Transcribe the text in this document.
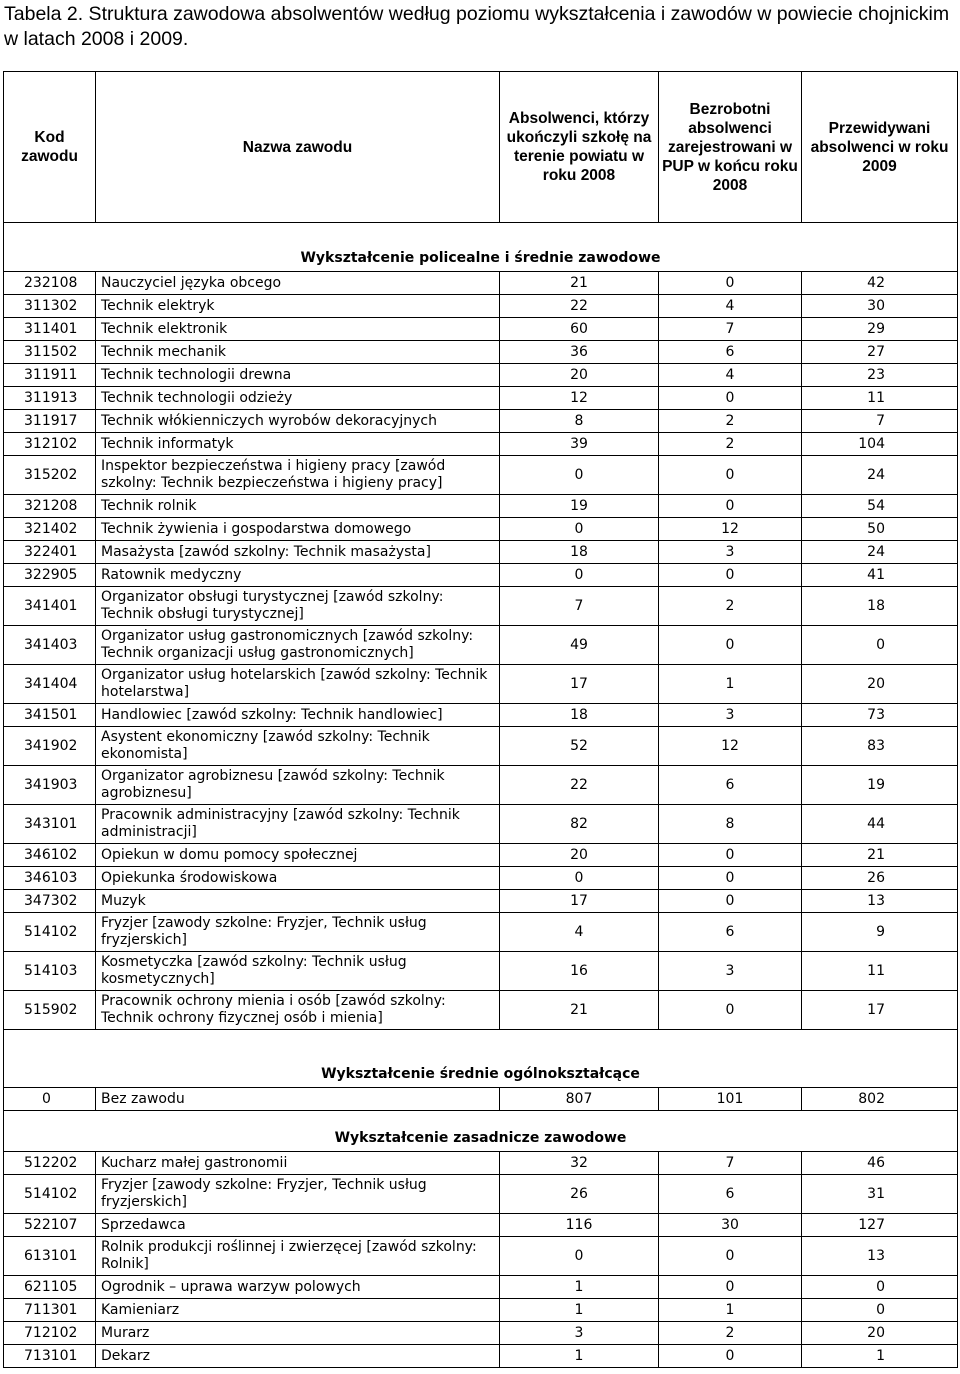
Tabela 2. Struktura zawodowa absolwentów według poziomu wykształcenia i zawodów w powiecie chojnickim w latach 2008 i 2009.
Kod zawodu	Nazwa zawodu	Absolwenci, którzy ukończyli szkołę na terenie powiatu w roku 2008	Bezrobotni absolwenci zarejestrowani w PUP w końcu roku 2008	Przewidywani absolwenci w roku 2009
Wykształcenie policealne i średnie zawodowe				
232108	Nauczyciel języka obcego	21	0	42
311302	Technik elektryk	22	4	30
311401	Technik elektronik	60	7	29
311502	Technik mechanik	36	6	27
311911	Technik technologii drewna	20	4	23
311913	Technik technologii odzieży	12	0	11
311917	Technik włókienniczych wyrobów dekoracyjnych	8	2	7
312102	Technik informatyk	39	2	104
315202	Inspektor bezpieczeństwa i higieny pracy [zawód szkolny: Technik bezpieczeństwa i higieny pracy]	0	0	24
321208	Technik rolnik	19	0	54
321402	Technik żywienia i gospodarstwa domowego	0	12	50
322401	Masażysta [zawód szkolny: Technik masażysta]	18	3	24
322905	Ratownik medyczny	0	0	41
341401	Organizator obsługi turystycznej [zawód szkolny: Technik obsługi turystycznej]	7	2	18
341403	Organizator usług gastronomicznych [zawód szkolny: Technik organizacji usług gastronomicznych]	49	0	0
341404	Organizator usług hotelarskich [zawód szkolny: Technik hotelarstwa]	17	1	20
341501	Handlowiec [zawód szkolny: Technik handlowiec]	18	3	73
341902	Asystent ekonomiczny [zawód szkolny: Technik ekonomista]	52	12	83
341903	Organizator agrobiznesu [zawód szkolny: Technik agrobiznesu]	22	6	19
343101	Pracownik administracyjny [zawód szkolny: Technik administracji]	82	8	44
346102	Opiekun w domu pomocy społecznej	20	0	21
346103	Opiekunka środowiskowa	0	0	26
347302	Muzyk	17	0	13
514102	Fryzjer [zawody szkolne: Fryzjer, Technik usług fryzjerskich]	4	6	9
514103	Kosmetyczka [zawód szkolny: Technik usług kosmetycznych]	16	3	11
515902	Pracownik ochrony mienia i osób [zawód szkolny: Technik ochrony fizycznej osób i mienia]	21	0	17
Wykształcenie średnie ogólnokształcące				
0	Bez zawodu	807	101	802
Wykształcenie zasadnicze zawodowe				
512202	Kucharz małej gastronomii	32	7	46
514102	Fryzjer [zawody szkolne: Fryzjer, Technik usług fryzjerskich]	26	6	31
522107	Sprzedawca	116	30	127
613101	Rolnik produkcji roślinnej i zwierzęcej [zawód szkolny: Rolnik]	0	0	13
621105	Ogrodnik – uprawa warzyw polowych	1	0	0
711301	Kamieniarz	1	1	0
712102	Murarz	3	2	20
713101	Dekarz	1	0	1
